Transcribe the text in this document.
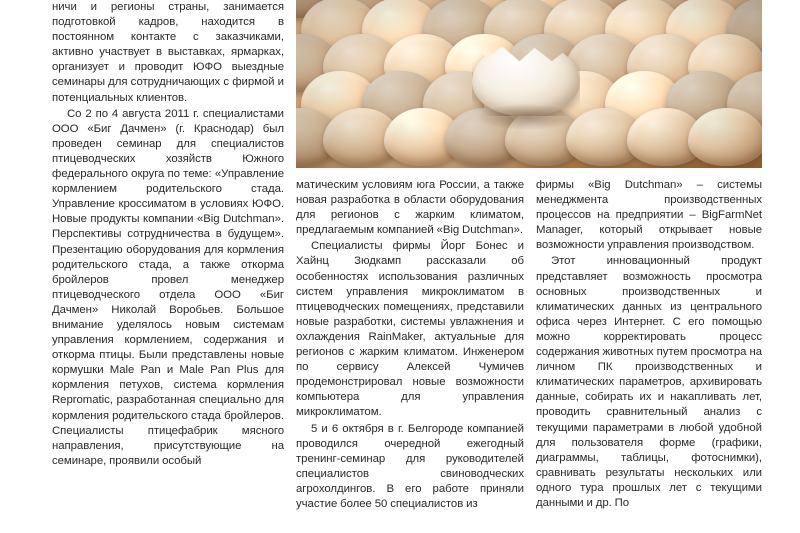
ничи и регионы страны, занимается подготовкой кадров, находится в постоянном контакте с заказчиками, активно участвует в выставках, ярмарках, организует и проводит ЮФО выездные семинары для сотрудничающих с фирмой и потенциальных клиентов.

Со 2 по 4 августа 2011 г. специалистами ООО «Биг Дачмен» (г. Краснодар) был проведен семинар для специалистов птицеводческих хозяйств Южного федерального округа по теме: «Управление кормлением родительского стада. Управление кроссиматом в условиях ЮФО. Новые продукты компании «Big Dutchman». Перспективы сотрудничества в будущем». Презентацию оборудования для кормления родительского стада, а также откорма бройлеров провел менеджер птицеводческого отдела ООО «Биг Дачмен» Николай Воробьев. Большое внимание уделялось новым системам управления кормлением, содержания и откорма птицы. Были представлены новые кормушки Male Pan и Male Pan Plus для кормления петухов, система кормления Repromatic, разработанная специально для кормления родительского стада бройлеров. Специалисты птицефабрик мясного направления, присутствующие на семинаре, проявили особый

матическим условиям юга России, а также новая разработка в области оборудования для регионов с жарким климатом, предлагаемым компанией «Big Dutchman».

Специалисты фирмы Йорг Бонес и Хайнц Зюдкамп рассказали об особенностях использования различных систем управления микроклиматом в птицеводческих помещениях, представили новые разработки, системы увлажнения и охлаждения RainMaker, актуальные для регионов с жарким климатом. Инженером по сервису Алексей Чумичев продемонстрировал новые возможности компьютера для управления микроклиматом.

5 и 6 октября в г. Белгороде компанией проводился очередной ежегодный тренинг-семинар для руководителей специалистов свиноводческих агрохолдингов. В его работе приняли участие более 50 специалистов из

фирмы «Big Dutchman» – системы менеджмента производственных процессов на предприятии – BigFarmNet Manager, который открывает новые возможности управления производством.

Этот инновационный продукт представляет возможность просмотра основных производственных и климатических данных из центрального офиса через Интернет. С его помощью можно корректировать процесс содержания животных путем просмотра на личном ПК производственных и климатических параметров, архивировать данные, собирать их и накапливать лет, проводить сравнительный анализ с текущими параметрами в любой удобной для пользователя форме (графики, диаграммы, таблицы, фотоснимки), сравнивать результаты нескольких или одного тура прошлых лет с текущими данными и др. По
